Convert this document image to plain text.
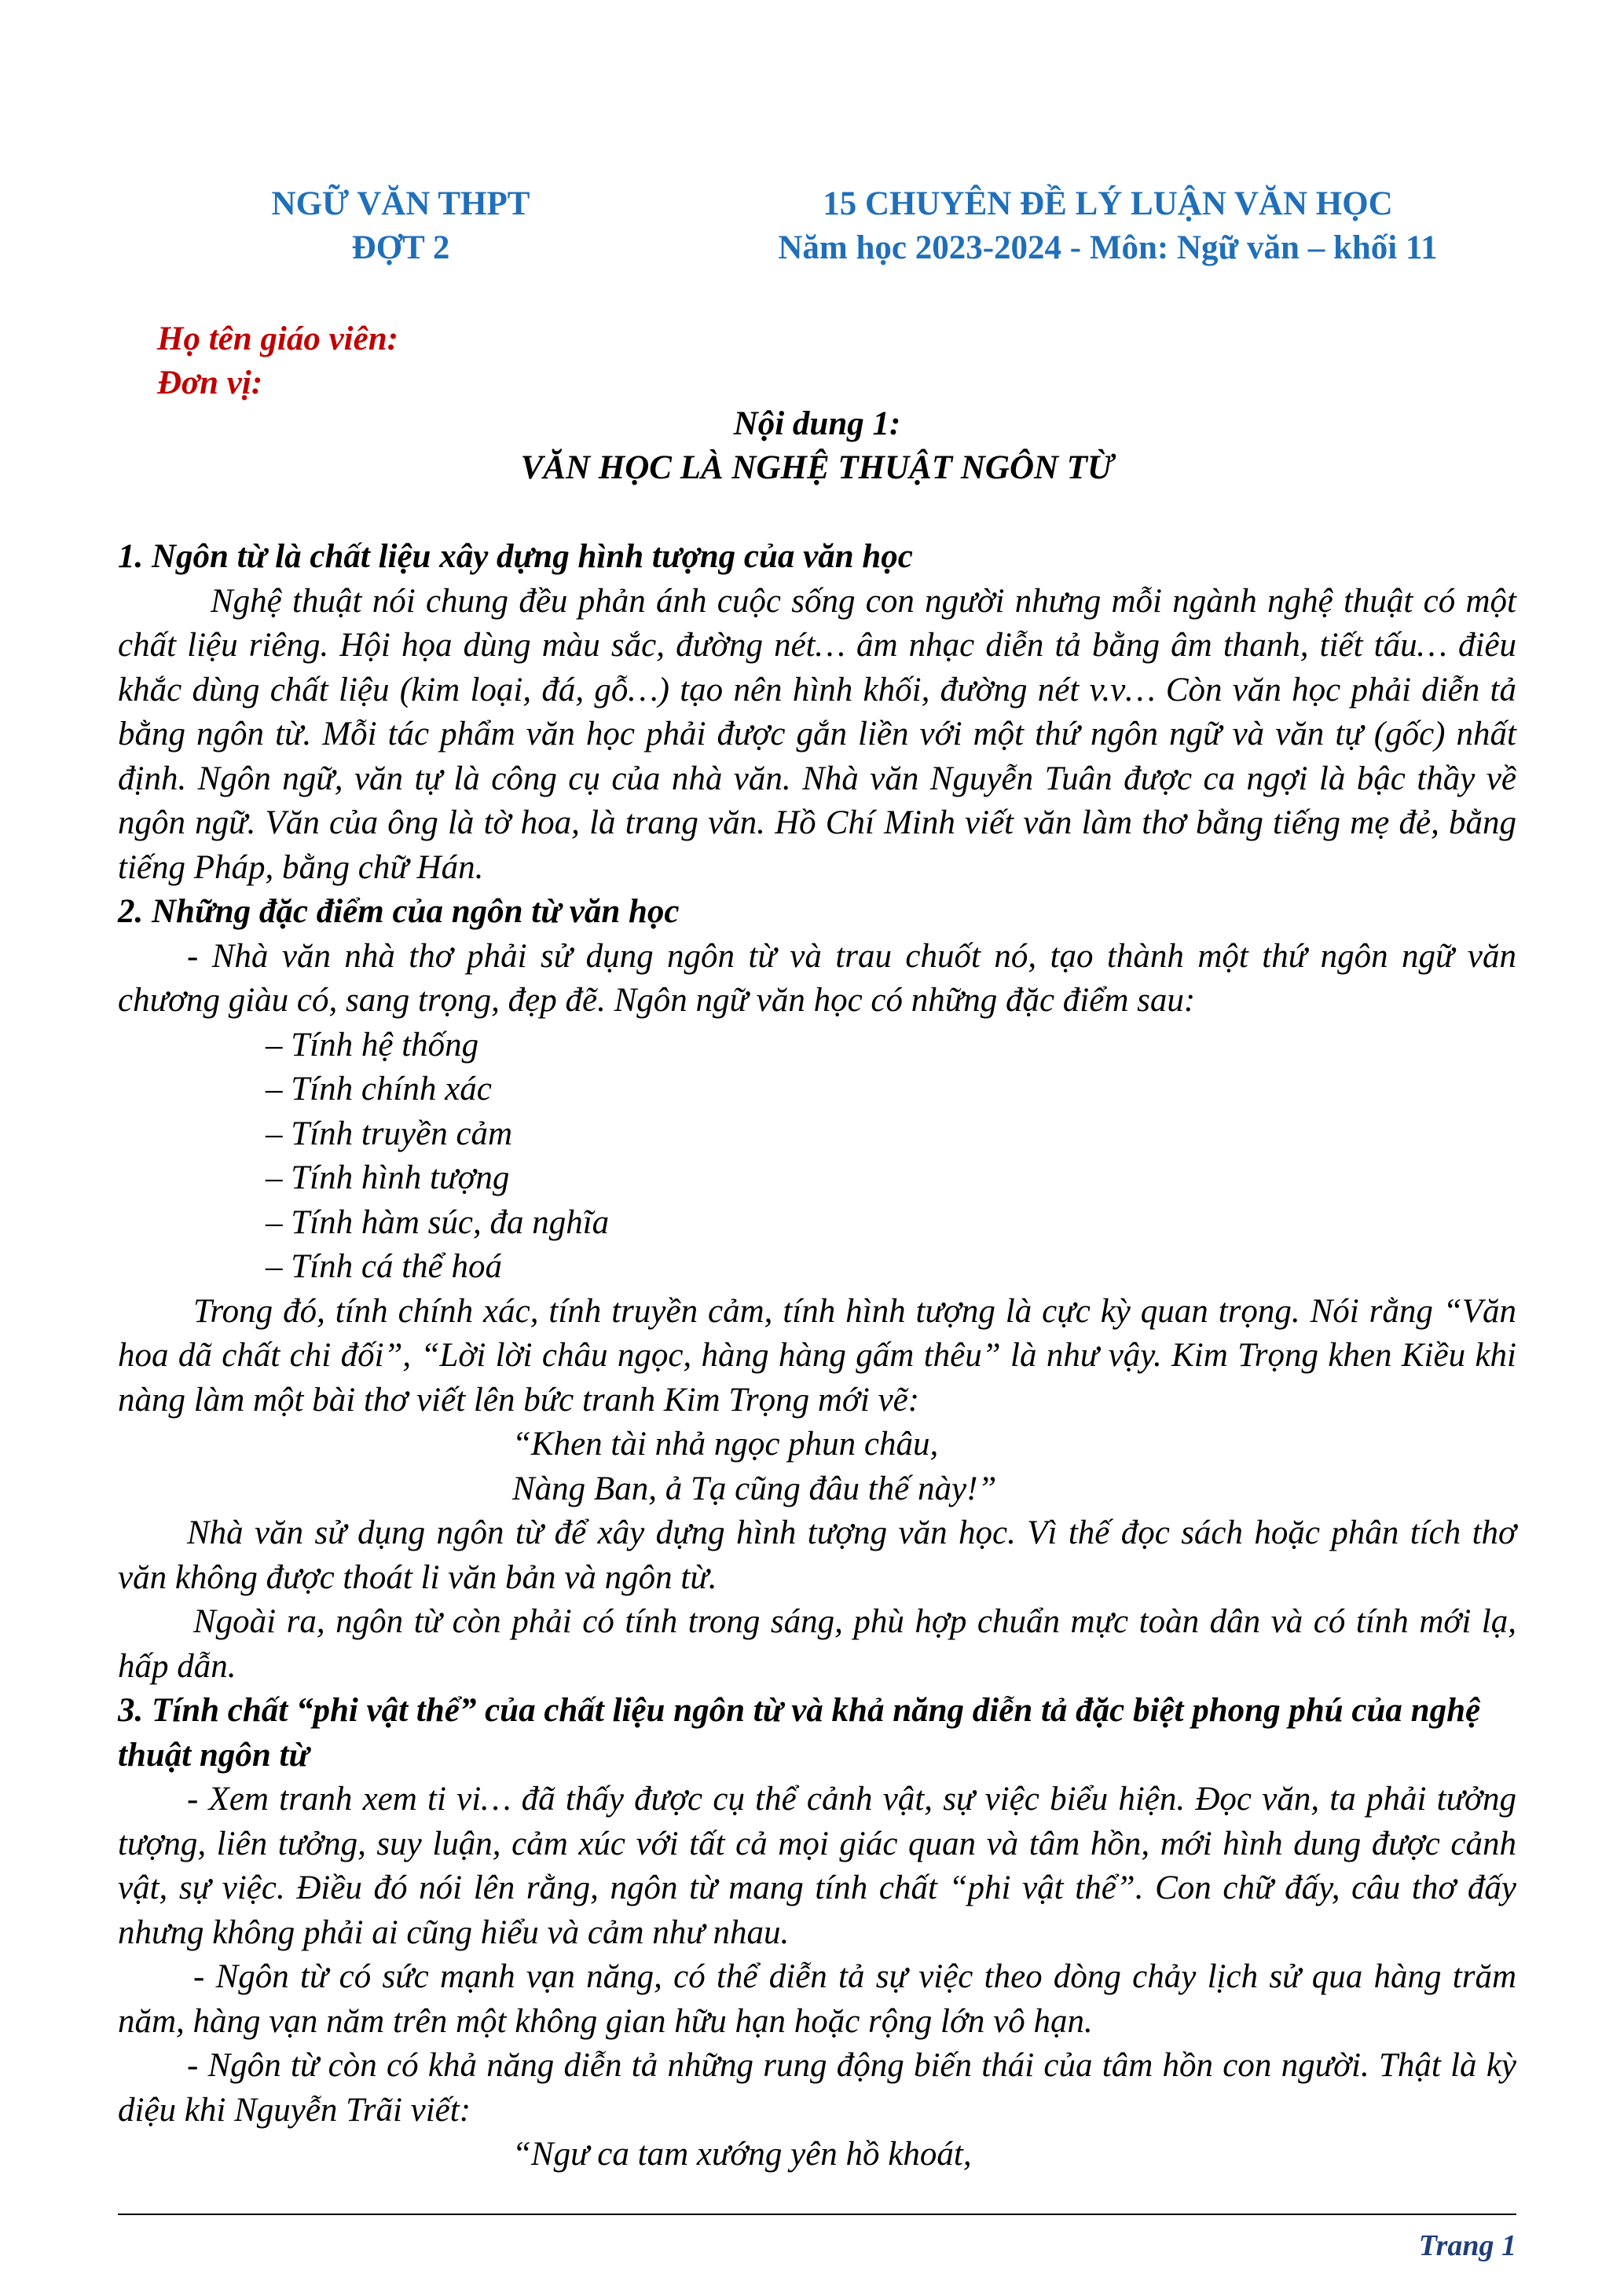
NGỮ VĂN THPT
ĐỢT 2
15 CHUYÊN ĐỀ LÝ LUẬN VĂN HỌC
Năm học 2023-2024 - Môn: Ngữ văn – khối 11
Họ tên giáo viên:
Đơn vị:
Nội dung 1:
VĂN HỌC LÀ NGHỆ THUẬT NGÔN TỪ

1. Ngôn từ là chất liệu xây dựng hình tượng của văn học

Nghệ thuật nói chung đều phản ánh cuộc sống con người nhưng mỗi ngành nghệ thuật có một chất liệu riêng. Hội họa dùng màu sắc, đường nét… âm nhạc diễn tả bằng âm thanh, tiết tấu… điêu khắc dùng chất liệu (kim loại, đá, gỗ…) tạo nên hình khối, đường nét v.v… Còn văn học phải diễn tả bằng ngôn từ. Mỗi tác phẩm văn học phải được gắn liền với một thứ ngôn ngữ và văn tự (gốc) nhất định. Ngôn ngữ, văn tự là công cụ của nhà văn. Nhà văn Nguyễn Tuân được ca ngợi là bậc thầy về ngôn ngữ. Văn của ông là tờ hoa, là trang văn. Hồ Chí Minh viết văn làm thơ bằng tiếng mẹ đẻ, bằng tiếng Pháp, bằng chữ Hán.

2. Những đặc điểm của ngôn từ văn học

- Nhà văn nhà thơ phải sử dụng ngôn từ và trau chuốt nó, tạo thành một thứ ngôn ngữ văn chương giàu có, sang trọng, đẹp đẽ. Ngôn ngữ văn học có những đặc điểm sau:

– Tính hệ thống

– Tính chính xác

– Tính truyền cảm

– Tính hình tượng

– Tính hàm súc, đa nghĩa

– Tính cá thể hoá

Trong đó, tính chính xác, tính truyền cảm, tính hình tượng là cực kỳ quan trọng. Nói rằng “Văn hoa dã chất chi đối”, “Lời lời châu ngọc, hàng hàng gấm thêu” là như vậy. Kim Trọng khen Kiều khi nàng làm một bài thơ viết lên bức tranh Kim Trọng mới vẽ:

“Khen tài nhả ngọc phun châu,

Nàng Ban, ả Tạ cũng đâu thế này!”

Nhà văn sử dụng ngôn từ để xây dựng hình tượng văn học. Vì thế đọc sách hoặc phân tích thơ văn không được thoát li văn bản và ngôn từ.

Ngoài ra, ngôn từ còn phải có tính trong sáng, phù hợp chuẩn mực toàn dân và có tính mới lạ, hấp dẫn.

3. Tính chất “phi vật thể” của chất liệu ngôn từ và khả năng diễn tả đặc biệt phong phú của nghệ thuật ngôn từ

- Xem tranh xem ti vi… đã thấy được cụ thể cảnh vật, sự việc biểu hiện. Đọc văn, ta phải tưởng tượng, liên tưởng, suy luận, cảm xúc với tất cả mọi giác quan và tâm hồn, mới hình dung được cảnh vật, sự việc. Điều đó nói lên rằng, ngôn từ mang tính chất “phi vật thể”. Con chữ đấy, câu thơ đấy nhưng không phải ai cũng hiểu và cảm như nhau.

- Ngôn từ có sức mạnh vạn năng, có thể diễn tả sự việc theo dòng chảy lịch sử qua hàng trăm năm, hàng vạn năm trên một không gian hữu hạn hoặc rộng lớn vô hạn.

- Ngôn từ còn có khả năng diễn tả những rung động biến thái của tâm hồn con người. Thật là kỳ diệu khi Nguyễn Trãi viết:

“Ngư ca tam xướng yên hồ khoát,

Trang 1
